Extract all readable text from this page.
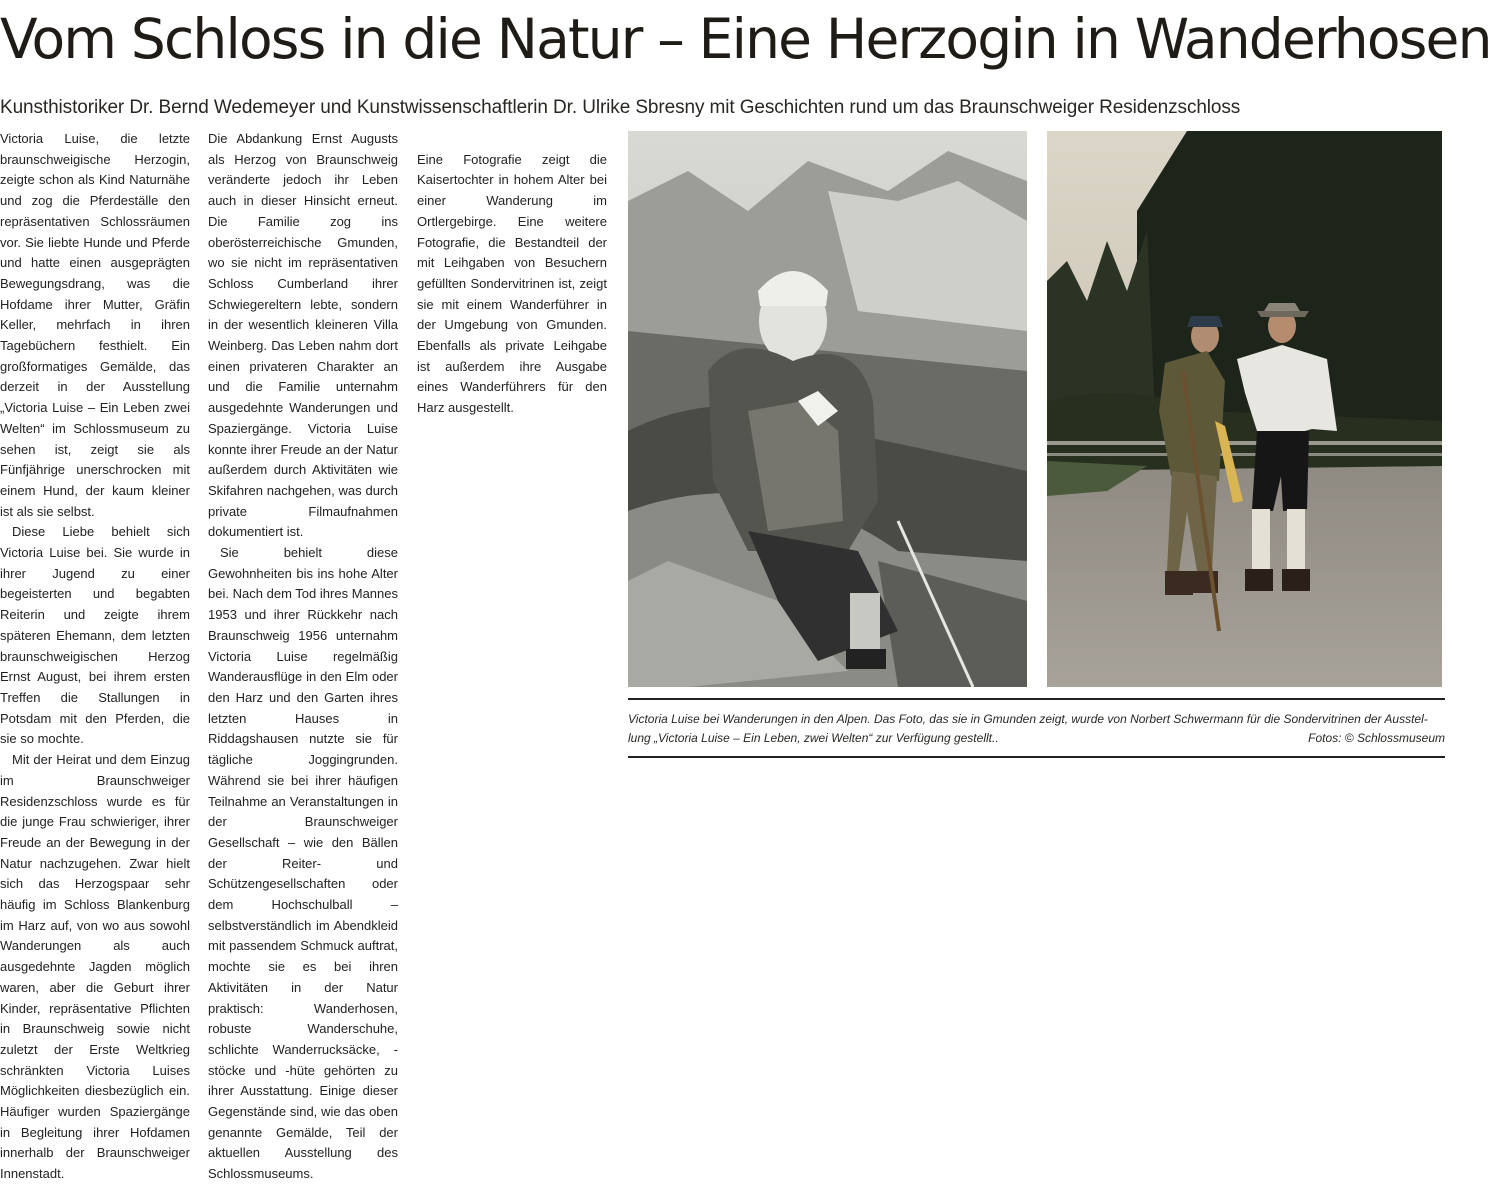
Vom Schloss in die Natur – Eine Herzogin in Wanderhosen

Kunsthistoriker Dr. Bernd Wedemeyer und Kunstwissenschaftlerin Dr. Ulrike Sbresny mit Geschichten rund um das Braunschweiger Residenzschloss

Victoria Luise, die letzte braunschweigische Herzogin, zeigte schon als Kind Naturnähe und zog die Pferdeställe den repräsentativen Schlossräumen vor. Sie liebte Hunde und Pferde und hatte einen ausgeprägten Bewegungsdrang, was die Hofdame ihrer Mutter, Gräfin Keller, mehrfach in ihren Tagebüchern festhielt. Ein großformatiges Gemälde, das derzeit in der Ausstellung „Victoria Luise – Ein Leben zwei Welten“ im Schlossmuseum zu sehen ist, zeigt sie als Fünfjährige unerschrocken mit einem Hund, der kaum kleiner ist als sie selbst.

Diese Liebe behielt sich Victoria Luise bei. Sie wurde in ihrer Jugend zu einer begeisterten und begabten Reiterin und zeigte ihrem späteren Ehemann, dem letzten braunschweigischen Herzog Ernst August, bei ihrem ersten Treffen die Stallungen in Potsdam mit den Pferden, die sie so mochte.

Mit der Heirat und dem Einzug im Braunschweiger Residenzschloss wurde es für die junge Frau schwieriger, ihrer Freude an der Bewegung in der Natur nachzugehen. Zwar hielt sich das Herzogspaar sehr häufig im Schloss Blankenburg im Harz auf, von wo aus sowohl Wanderungen als auch ausgedehnte Jagden möglich waren, aber die Geburt ihrer Kinder, repräsentative Pflichten in Braunschweig sowie nicht zuletzt der Erste Weltkrieg schränkten Victoria Luises Möglichkeiten diesbezüglich ein. Häufiger wurden Spaziergänge in Begleitung ihrer Hofdamen innerhalb der Braunschweiger Innenstadt.

Die Abdankung Ernst Augusts als Herzog von Braunschweig veränderte jedoch ihr Leben auch in dieser Hinsicht erneut. Die Familie zog ins oberösterreichische Gmunden, wo sie nicht im repräsentativen Schloss Cumberland ihrer Schwiegereltern lebte, sondern in der wesentlich kleineren Villa Weinberg. Das Leben nahm dort einen privateren Charakter an und die Familie unternahm ausgedehnte Wanderungen und Spaziergänge. Victoria Luise konnte ihrer Freude an der Natur außerdem durch Aktivitäten wie Skifahren nachgehen, was durch private Filmaufnahmen dokumentiert ist.

Sie behielt diese Gewohnheiten bis ins hohe Alter bei. Nach dem Tod ihres Mannes 1953 und ihrer Rückkehr nach Braunschweig 1956 unternahm Victoria Luise regelmäßig Wanderausflüge in den Elm oder den Harz und den Garten ihres letzten Hauses in Riddagshausen nutzte sie für tägliche Joggingrunden. Während sie bei ihrer häufigen Teilnahme an Veranstaltungen in der Braunschweiger Gesellschaft – wie den Bällen der Reiter- und Schützengesellschaften oder dem Hochschulball – selbstverständlich im Abendkleid mit passendem Schmuck auftrat, mochte sie es bei ihren Aktivitäten in der Natur praktisch: Wanderhosen, robuste Wanderschuhe, schlichte Wanderrucksäcke, -stöcke und -hüte gehörten zu ihrer Ausstattung. Einige dieser Gegenstände sind, wie das oben genannte Gemälde, Teil der aktuellen Ausstellung des Schlossmuseums.

Eine Fotografie zeigt die Kaisertochter in hohem Alter bei einer Wanderung im Ortlergebirge. Eine weitere Fotografie, die Bestandteil der mit Leihgaben von Besuchern gefüllten Sondervitrinen ist, zeigt sie mit einem Wanderführer in der Umgebung von Gmunden. Ebenfalls als private Leihgabe ist außerdem ihre Ausgabe eines Wanderführers für den Harz ausgestellt.

Victoria Luise bei Wanderungen in den Alpen. Das Foto, das sie in Gmunden zeigt, wurde von Norbert Schwermann für die Sondervitrinen der Ausstel-
lung „Victoria Luise – Ein Leben, zwei Welten“ zur Verfügung gestellt..	Fotos: © Schlossmuseum
